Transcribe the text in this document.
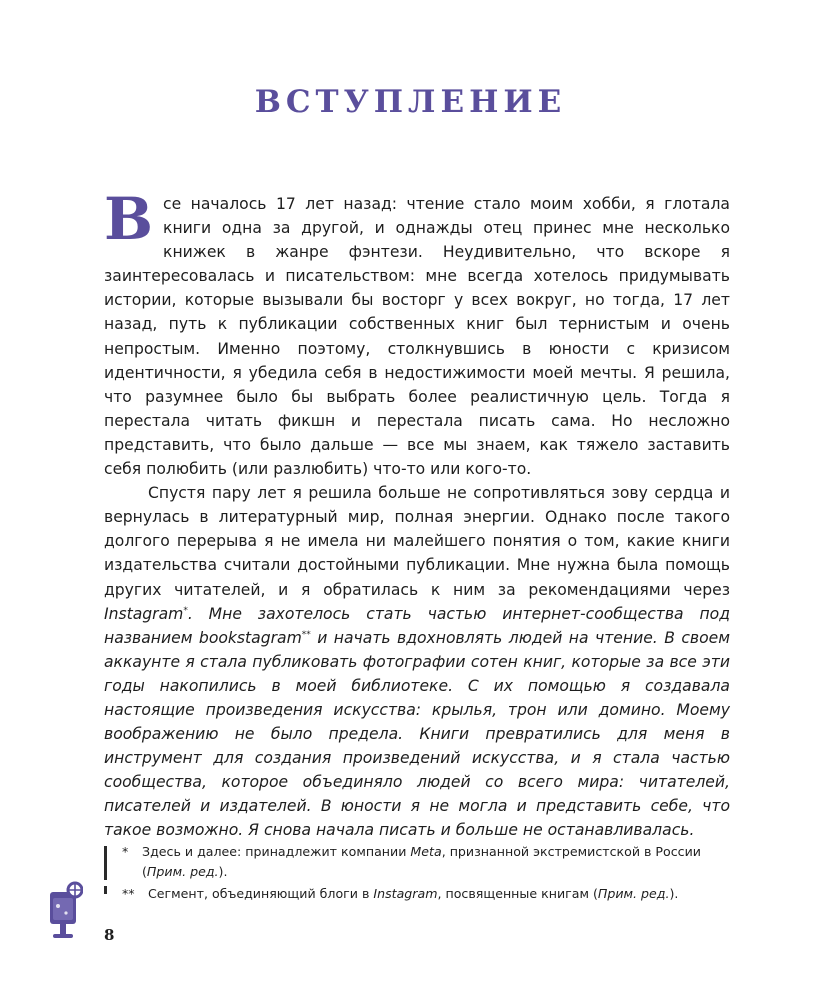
ВСТУПЛЕНИЕ

Все началось 17 лет назад: чтение стало моим хобби, я глотала книги одна за другой, и однажды отец принес мне несколько книжек в жанре фэнтези. Неудивительно, что вскоре я заинтересовалась и писательством: мне всегда хотелось придумывать истории, которые вызывали бы восторг у всех вокруг, но тогда, 17 лет назад, путь к публикации собственных книг был тернистым и очень непростым. Именно поэтому, столкнувшись в юности с кризисом идентичности, я убедила себя в недостижимости моей мечты. Я решила, что разумнее было бы выбрать более реалистичную цель. Тогда я перестала читать фикшн и перестала писать сама. Но несложно представить, что было дальше — все мы знаем, как тяжело заставить себя полюбить (или разлюбить) что-то или кого-то.

Спустя пару лет я решила больше не сопротивляться зову сердца и вернулась в литературный мир, полная энергии. Однако после такого долгого перерыва я не имела ни малейшего понятия о том, какие книги издательства считали достойными публикации. Мне нужна была помощь других читателей, и я обратилась к ним за рекомендациями через Instagram*. Мне захотелось стать частью интернет-сообщества под названием bookstagram** и начать вдохновлять людей на чтение. В своем аккаунте я стала публиковать фотографии сотен книг, которые за все эти годы накопились в моей библиотеке. С их помощью я создавала настоящие произведения искусства: крылья, трон или домино. Моему воображению не было предела. Книги превратились для меня в инструмент для создания произведений искусства, и я стала частью сообщества, которое объединяло людей со всего мира: читателей, писателей и издателей. В юности я не могла и представить себе, что такое возможно. Я снова начала писать и больше не останавливалась.

*	Здесь и далее: принадлежит компании Meta, признанной экстремистской в России (Прим. ред.).
**	Сегмент, объединяющий блоги в Instagram, посвященные книгам (Прим. ред.).
8
